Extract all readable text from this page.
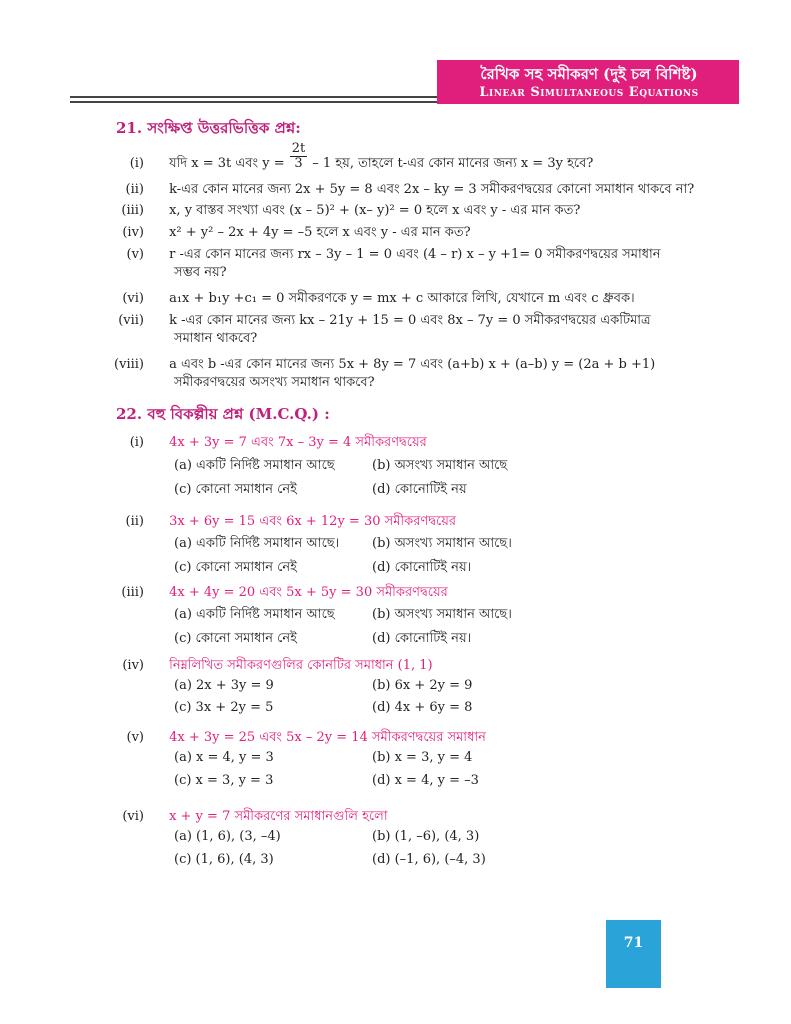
রৈখিক সহ সমীকরণ (দুই চল বিশিষ্ট)
Linear Simultaneous Equations
21. সংক্ষিপ্ত উত্তরভিত্তিক প্রশ্ন:
(i) যদি x = 3t এবং $y = \frac{2t}{3} - 1$ হয়, তাহলে t-এর কোন মানের জন্য x = 3y হবে?
(ii) k-এর কোন মানের জন্য 2x + 5y = 8 এবং 2x – ky = 3 সমীকরণদ্বয়ের কোনো সমাধান থাকবে না?
(iii) x, y বাস্তব সংখ্যা এবং (x – 5)² + (x– y)² = 0 হলে x এবং y - এর মান কত?
(iv) x² + y² – 2x + 4y = –5 হলে x এবং y - এর মান কত?
(v) r -এর কোন মানের জন্য rx – 3y – 1 = 0 এবং (4 – r) x – y +1= 0 সমীকরণদ্বয়ের সমাধান
সম্ভব নয়?
(vi) a₁x + b₁y +c₁ = 0 সমীকরণকে y = mx + c আকারে লিখি, যেখানে m এবং c ধ্রুবক।
(vii) k -এর কোন মানের জন্য kx – 21y + 15 = 0 এবং 8x – 7y = 0 সমীকরণদ্বয়ের একটিমাত্র
সমাধান থাকবে?
(viii) a এবং b -এর কোন মানের জন্য 5x + 8y = 7 এবং (a+b) x + (a–b) y = (2a + b +1)
সমীকরণদ্বয়ের অসংখ্য সমাধান থাকবে?
22. বহু বিকল্পীয় প্রশ্ন (M.C.Q.) :
(i) 4x + 3y = 7 এবং 7x – 3y = 4 সমীকরণদ্বয়ের
(a) একটি নির্দিষ্ট সমাধান আছে	(b) অসংখ্য সমাধান আছে
(c) কোনো সমাধান নেই	(d) কোনোটিই নয়
(ii) 3x + 6y = 15 এবং 6x + 12y = 30 সমীকরণদ্বয়ের
(a) একটি নির্দিষ্ট সমাধান আছে।	(b) অসংখ্য সমাধান আছে।
(c) কোনো সমাধান নেই	(d) কোনোটিই নয়।
(iii) 4x + 4y = 20 এবং 5x + 5y = 30 সমীকরণদ্বয়ের
(a) একটি নির্দিষ্ট সমাধান আছে	(b) অসংখ্য সমাধান আছে।
(c) কোনো সমাধান নেই	(d) কোনোটিই নয়।
(iv) নিম্নলিখিত সমীকরণগুলির কোনটির সমাধান (1, 1)
(a) 2x + 3y = 9	(b) 6x + 2y = 9
(c) 3x + 2y = 5	(d) 4x + 6y = 8
(v) 4x + 3y = 25 এবং 5x – 2y = 14 সমীকরণদ্বয়ের সমাধান
(a) x = 4, y = 3	(b) x = 3, y = 4
(c) x = 3, y = 3	(d) x = 4, y = –3
(vi) x + y = 7 সমীকরণের সমাধানগুলি হলো
(a) (1, 6), (3, –4)	(b) (1, –6), (4, 3)
(c) (1, 6), (4, 3)	(d) (–1, 6), (–4, 3)
71
